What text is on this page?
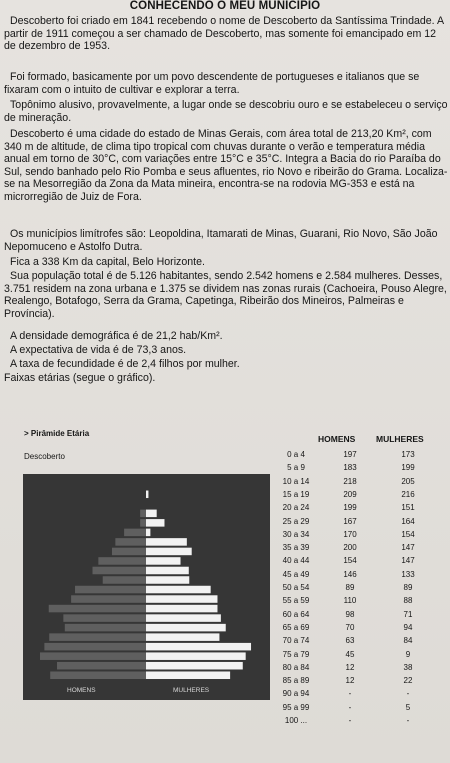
CONHECENDO O MEU MUNICÍPIO

Descoberto foi criado em 1841 recebendo o nome de Descoberto da Santíssima Trindade. A partir de 1911 começou a ser chamado de Descoberto, mas somente foi emancipado em 12 de dezembro de 1953.

Foi formado, basicamente por um povo descendente de portugueses e italianos que se fixaram com o intuito de cultivar e explorar a terra.

Topônimo alusivo, provavelmente, a lugar onde se descobriu ouro e se estabeleceu o serviço de mineração.

Descoberto é uma cidade do estado de Minas Gerais, com área total de 213,20 Km², com 340 m de altitude, de clima tipo tropical com chuvas durante o verão e temperatura média anual em torno de 30°C, com variações entre 15°C e 35°C. Integra a Bacia do rio Paraíba do Sul, sendo banhado pelo Rio Pomba e seus afluentes, rio Novo e ribeirão do Grama. Localiza-se na Mesorregião da Zona da Mata mineira, encontra-se na rodovia MG-353 e está na microrregião de Juiz de Fora.

Os municípios limítrofes são: Leopoldina, Itamarati de Minas, Guarani, Rio Novo, São João Nepomuceno e Astolfo Dutra.

Fica a 338 Km da capital, Belo Horizonte.

Sua população total é de 5.126 habitantes, sendo 2.542 homens e 2.584 mulheres. Desses, 3.751 residem na zona urbana e 1.375 se dividem nas zonas rurais (Cachoeira, Pouso Alegre, Realengo, Botafogo, Serra da Grama, Capetinga, Ribeirão dos Mineiros, Palmeiras e Província).

A densidade demográfica é de 21,2 hab/Km².

A expectativa de vida é de 73,3 anos.

A taxa de fecundidade é de 2,4 filhos por mulher.

Faixas etárias (segue o gráfico).

> Pirâmide Etária
Descoberto
HOMENS	MULHERES
HOMENS MULHERES
0 a 4	197	173
5 a 9	183	199
10 a 14	218	205
15 a 19	209	216
20 a 24	199	151
25 a 29	167	164
30 a 34	170	154
35 a 39	200	147
40 a 44	154	147
45 a 49	146	133
50 a 54	89	89
55 a 59	110	88
60 a 64	98	71
65 a 69	70	94
70 a 74	63	84
75 a 79	45	9
80 a 84	12	38
85 a 89	12	22
90 a 94	-	-
95 a 99	-	5
100 ...	-	-
